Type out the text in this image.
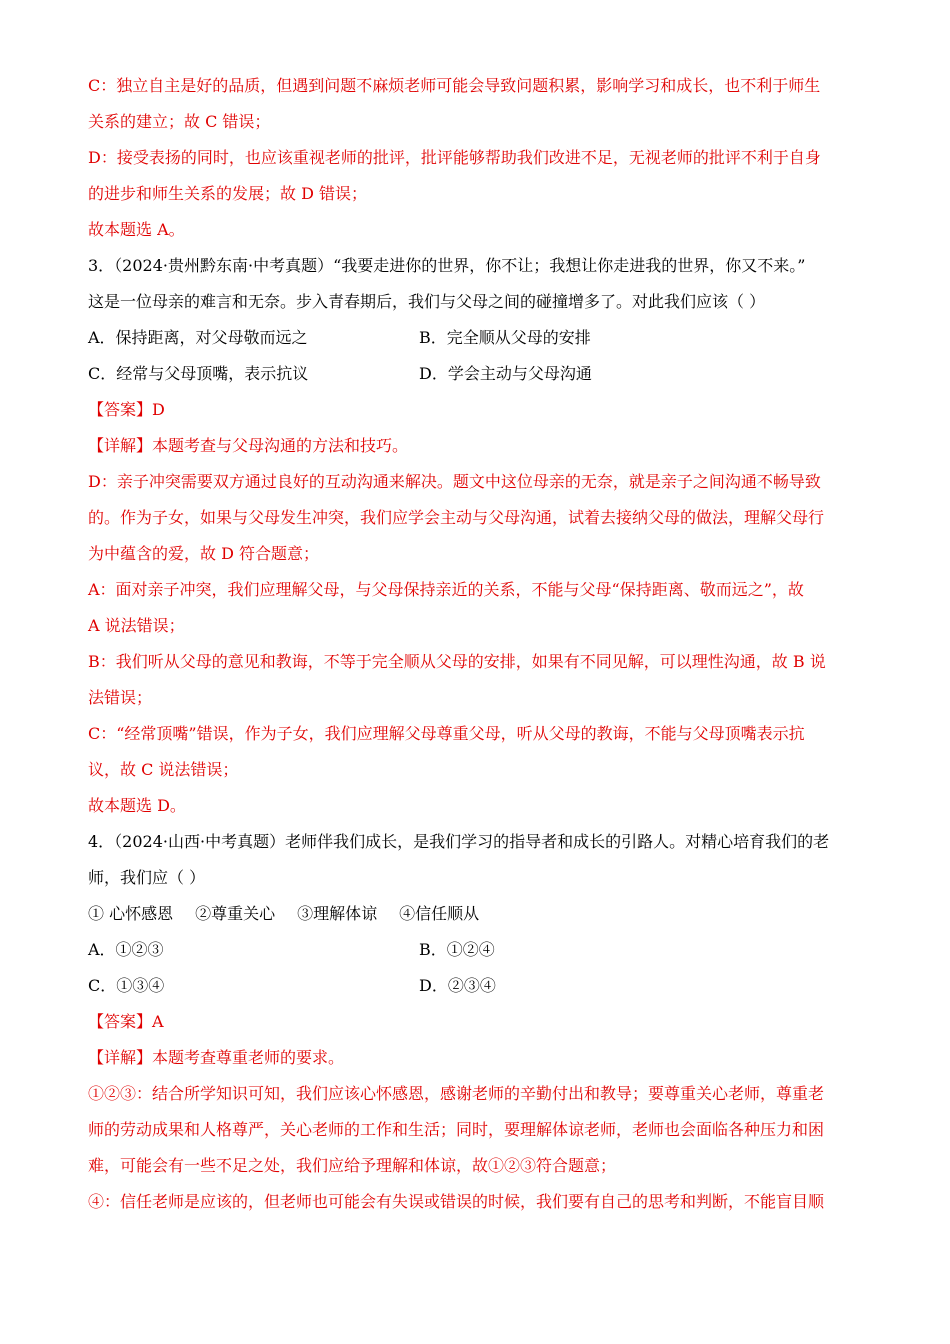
C：独立自主是好的品质，但遇到问题不麻烦老师可能会导致问题积累，影响学习和成长，也不利于师生
关系的建立；故 C 错误；
D：接受表扬的同时，也应该重视老师的批评，批评能够帮助我们改进不足，无视老师的批评不利于自身
的进步和师生关系的发展；故 D 错误；
故本题选 A。
3．（2024·贵州黔东南·中考真题）“我要走进你的世界，你不让；我想让你走进我的世界，你又不来。”
这是一位母亲的难言和无奈。步入青春期后，我们与父母之间的碰撞增多了。对此我们应该（ ）
A．保持距离，对父母敬而远之	B．完全顺从父母的安排
C．经常与父母顶嘴，表示抗议	D．学会主动与父母沟通
【答案】D
【详解】本题考查与父母沟通的方法和技巧。
D：亲子冲突需要双方通过良好的互动沟通来解决。题文中这位母亲的无奈，就是亲子之间沟通不畅导致
的。作为子女，如果与父母发生冲突，我们应学会主动与父母沟通，试着去接纳父母的做法，理解父母行
为中蕴含的爱，故 D 符合题意；
A：面对亲子冲突，我们应理解父母，与父母保持亲近的关系，不能与父母“保持距离、敬而远之”，故
A 说法错误；
B：我们听从父母的意见和教诲，不等于完全顺从父母的安排，如果有不同见解，可以理性沟通，故 B 说
法错误；
C：“经常顶嘴”错误，作为子女，我们应理解父母尊重父母，听从父母的教诲，不能与父母顶嘴表示抗
议，故 C 说法错误；
故本题选 D。
4．（2024·山西·中考真题）老师伴我们成长，是我们学习的指导者和成长的引路人。对精心培育我们的老
师，我们应（ ）
① 心怀感恩 ②尊重关心 ③理解体谅 ④信任顺从
A．①②③	B．①②④
C．①③④	D．②③④
【答案】A
【详解】本题考查尊重老师的要求。
①②③：结合所学知识可知，我们应该心怀感恩，感谢老师的辛勤付出和教导；要尊重关心老师，尊重老
师的劳动成果和人格尊严，关心老师的工作和生活；同时，要理解体谅老师，老师也会面临各种压力和困
难，可能会有一些不足之处，我们应给予理解和体谅，故①②③符合题意；
④：信任老师是应该的，但老师也可能会有失误或错误的时候，我们要有自己的思考和判断，不能盲目顺
